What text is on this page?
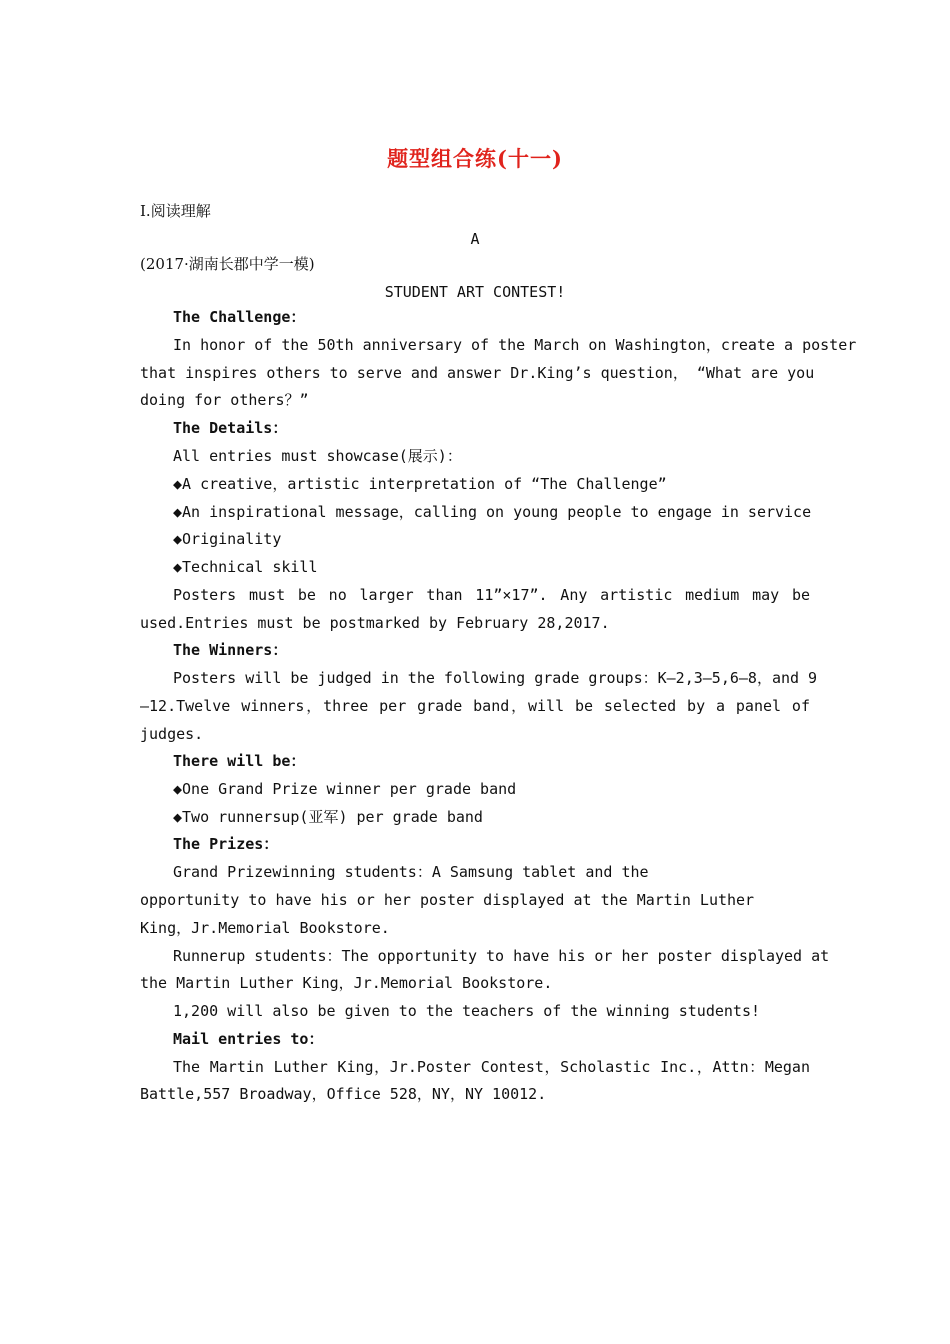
题型组合练(十一)
Ⅰ.阅读理解
A
(2017·湖南长郡中学一模)
STUDENT ART CONTEST!
The Challenge：
In honor of the 50th anniversary of the March on Washington，create a poster
that inspires others to serve and answer Dr.King’s question， “What are you
doing for others？”
The Details：
All entries must showcase(展示)：
◆A creative，artistic interpretation of “The Challenge”
◆An inspirational message，calling on young people to engage in service
◆Originality
◆Technical skill
Posters must be no larger than 11”×17”. Any artistic medium may be
used.Entries must be postmarked by February 28,2017.
The Winners：
Posters will be judged in the following grade groups：K—2,3—5,6—8，and 9
—12.Twelve winners，three per grade band，will be selected by a panel of
judges.
There will be：
◆One Grand Prize winner per grade band
◆Two runnersup(亚军) per grade band
The Prizes：
Grand Prizewinning students：A Samsung tablet and the
opportunity to have his or her poster displayed at the Martin Luther
King，Jr.Memorial Bookstore.
Runnerup students：The opportunity to have his or her poster displayed at
the Martin Luther King，Jr.Memorial Bookstore.
1,200 will also be given to the teachers of the winning students!
Mail entries to：
The Martin Luther King，Jr.Poster Contest，Scholastic Inc.，Attn：Megan
Battle,557 Broadway，Office 528，NY，NY 10012.
